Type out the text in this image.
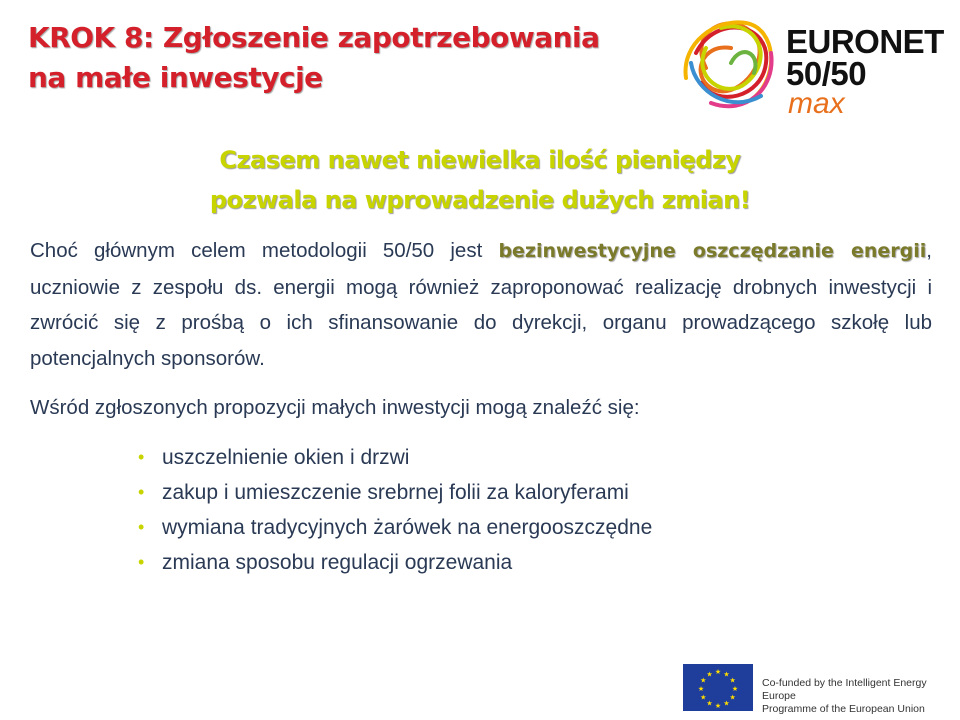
KROK 8: Zgłoszenie zapotrzebowania
na małe inwestycje
EURONET
50/50
max
Czasem nawet niewielka ilość pieniędzy
pozwala na wprowadzenie dużych zmian!
Choć głównym celem metodologii 50/50 jest bezinwestycyjne oszczędzanie energii, uczniowie z zespołu ds. energii mogą również zaproponować realizację drobnych inwestycji i zwrócić się z prośbą o ich sfinansowanie do dyrekcji, organu prowadzącego szkołę lub potencjalnych sponsorów.
Wśród zgłoszonych propozycji małych inwestycji mogą znaleźć się:
• uszczelnienie okien i drzwi
• zakup i umieszczenie srebrnej folii za kaloryferami
• wymiana tradycyjnych żarówek na energooszczędne
• zmiana sposobu regulacji ogrzewania
★ ★
★
★
★
★
★
★
★
★
★
★
Co-funded by the Intelligent Energy Europe
Programme of the European Union
